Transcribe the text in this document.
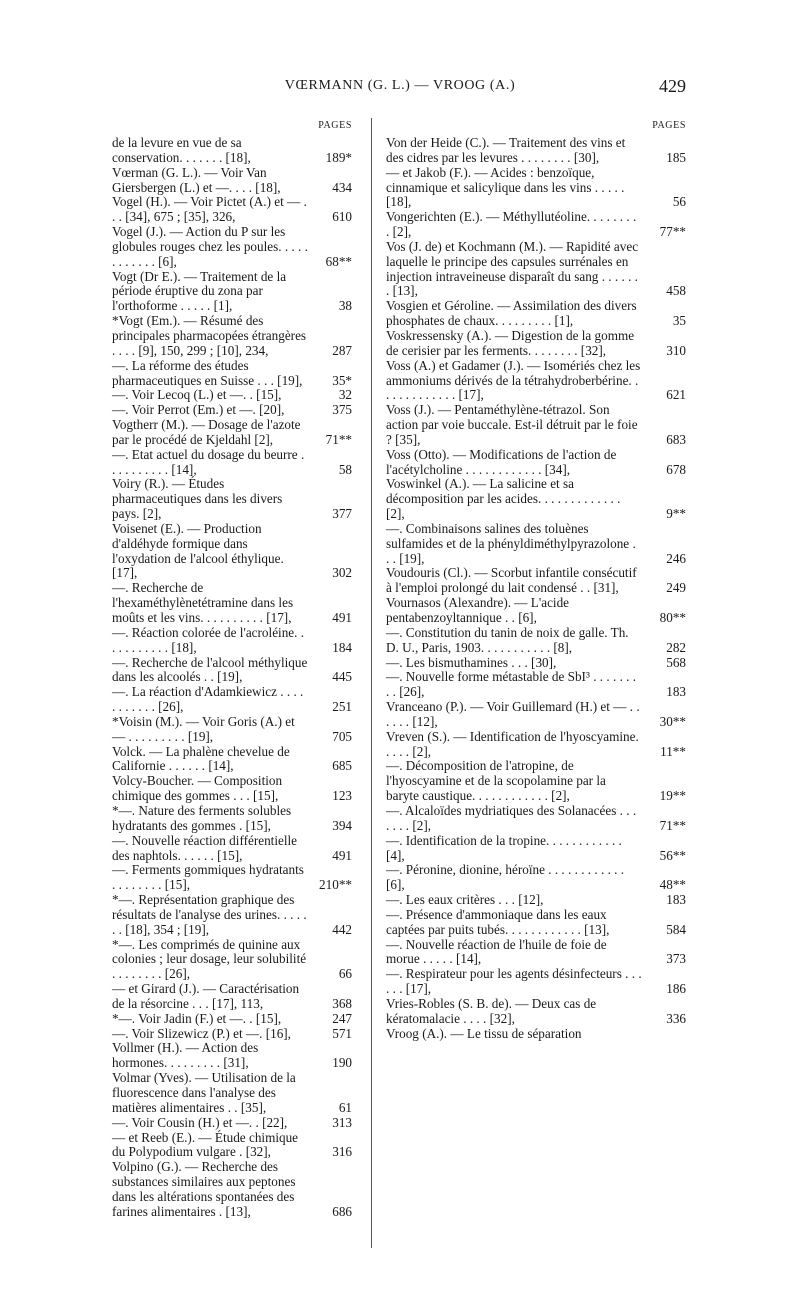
VŒRMANN (G. L.) — VROOG (A.)	429
PAGES
de la levure en vue de sa conservation. . . . . . . [18],	189*
Vœrman (G. L.). — Voir Van Giersbergen (L.) et —. . . . [18],	434
Vogel (H.). — Voir Pictet (A.) et — . . . [34], 675 ; [35], 326,	610
Vogel (J.). — Action du P sur les globules rouges chez les poules. . . . . . . . . . . . [6],	68**
Vogt (Dr E.). — Traitement de la période éruptive du zona par l'orthoforme . . . . . [1],	38
*Vogt (Em.). — Résumé des principales pharmacopées étrangères . . . . [9], 150, 299 ; [10], 234,	287
—. La réforme des études pharmaceutiques en Suisse . . . [19],	35*
—. Voir Lecoq (L.) et —. . [15],	32
—. Voir Perrot (Em.) et —. [20],	375
Vogtherr (M.). — Dosage de l'azote par le procédé de Kjeldahl [2],	71**
—. Etat actuel du dosage du beurre . . . . . . . . . . [14],	58
Voiry (R.). — Études pharmaceutiques dans les divers pays. [2],	377
Voisenet (E.). — Production d'aldéhyde formique dans l'oxydation de l'alcool éthylique. [17],	302
—. Recherche de l'hexaméthylènetétramine dans les moûts et les vins. . . . . . . . . . [17],	491
—. Réaction colorée de l'acroléine. . . . . . . . . . . [18],	184
—. Recherche de l'alcool méthylique dans les alcoolés . . [19],	445
—. La réaction d'Adamkiewicz . . . . . . . . . . . [26],	251
*Voisin (M.). — Voir Goris (A.) et — . . . . . . . . . [19],	705
Volck. — La phalène chevelue de Californie . . . . . . [14],	685
Volcy-Boucher. — Composition chimique des gommes . . . [15],	123
*—. Nature des ferments solubles hydratants des gommes . [15],	394
—. Nouvelle réaction différentielle des naphtols. . . . . . [15],	491
—. Ferments gommiques hydratants . . . . . . . . [15],	210**
*—. Représentation graphique des résultats de l'analyse des urines. . . . . . . [18], 354 ; [19],	442
*—. Les comprimés de quinine aux colonies ; leur dosage, leur solubilité . . . . . . . . [26],	66
— et Girard (J.). — Caractérisation de la résorcine . . . [17], 113,	368
*—. Voir Jadin (F.) et —. . [15],	247
—. Voir Slizewicz (P.) et —. [16],	571
Vollmer (H.). — Action des hormones. . . . . . . . . [31],	190
Volmar (Yves). — Utilisation de la fluorescence dans l'analyse des matières alimentaires . . [35],	61
—. Voir Cousin (H.) et —. . [22],	313
— et Reeb (E.). — Étude chimique du Polypodium vulgare . [32],	316
Volpino (G.). — Recherche des substances similaires aux peptones dans les altérations spontanées des farines alimentaires . [13],	686
PAGES
Von der Heide (C.). — Traitement des vins et des cidres par les levures . . . . . . . . [30],	185
— et Jakob (F.). — Acides : benzoïque, cinnamique et salicylique dans les vins . . . . . [18],	56
Vongerichten (E.). — Méthyllutéoline. . . . . . . . . [2],	77**
Vos (J. de) et Kochmann (M.). — Rapidité avec laquelle le principe des capsules surrénales en injection intraveineuse disparaît du sang . . . . . . . [13],	458
Vosgien et Géroline. — Assimilation des divers phosphates de chaux. . . . . . . . . [1],	35
Voskressensky (A.). — Digestion de la gomme de cerisier par les ferments. . . . . . . . [32],	310
Voss (A.) et Gadamer (J.). — Isomériés chez les ammoniums dérivés de la tétrahydroberbérine. . . . . . . . . . . . . [17],	621
Voss (J.). — Pentaméthylène-tétrazol. Son action par voie buccale. Est-il détruit par le foie ? [35],	683
Voss (Otto). — Modifications de l'action de l'acétylcholine . . . . . . . . . . . . [34],	678
Voswinkel (A.). — La salicine et sa décomposition par les acides. . . . . . . . . . . . . [2],	9**
—. Combinaisons salines des toluènes sulfamides et de la phényldiméthylpyrazolone . . . [19],	246
Voudouris (Cl.). — Scorbut infantile consécutif à l'emploi prolongé du lait condensé . . [31],	249
Vournasos (Alexandre). — L'acide pentabenzoyltannique . . [6],	80**
—. Constitution du tanin de noix de galle. Th. D. U., Paris, 1903. . . . . . . . . . . [8],	282
—. Les bismuthamines . . . [30],	568
—. Nouvelle forme métastable de SbI³ . . . . . . . . . [26],	183
Vranceano (P.). — Voir Guillemard (H.) et — . . . . . . [12],	30**
Vreven (S.). — Identification de l'hyoscyamine. . . . . [2],	11**
—. Décomposition de l'atropine, de l'hyoscyamine et de la scopolamine par la baryte caustique. . . . . . . . . . . . [2],	19**
—. Alcaloïdes mydriatiques des Solanacées . . . . . . . [2],	71**
—. Identification de la tropine. . . . . . . . . . . . [4],	56**
—. Péronine, dionine, héroïne . . . . . . . . . . . . [6],	48**
—. Les eaux critères . . . [12],	183
—. Présence d'ammoniaque dans les eaux captées par puits tubés. . . . . . . . . . . . [13],	584
—. Nouvelle réaction de l'huile de foie de morue . . . . . [14],	373
—. Respirateur pour les agents désinfecteurs . . . . . . [17],	186
Vries-Robles (S. B. de). — Deux cas de kératomalacie . . . . [32],	336
Vroog (A.). — Le tissu de séparation
